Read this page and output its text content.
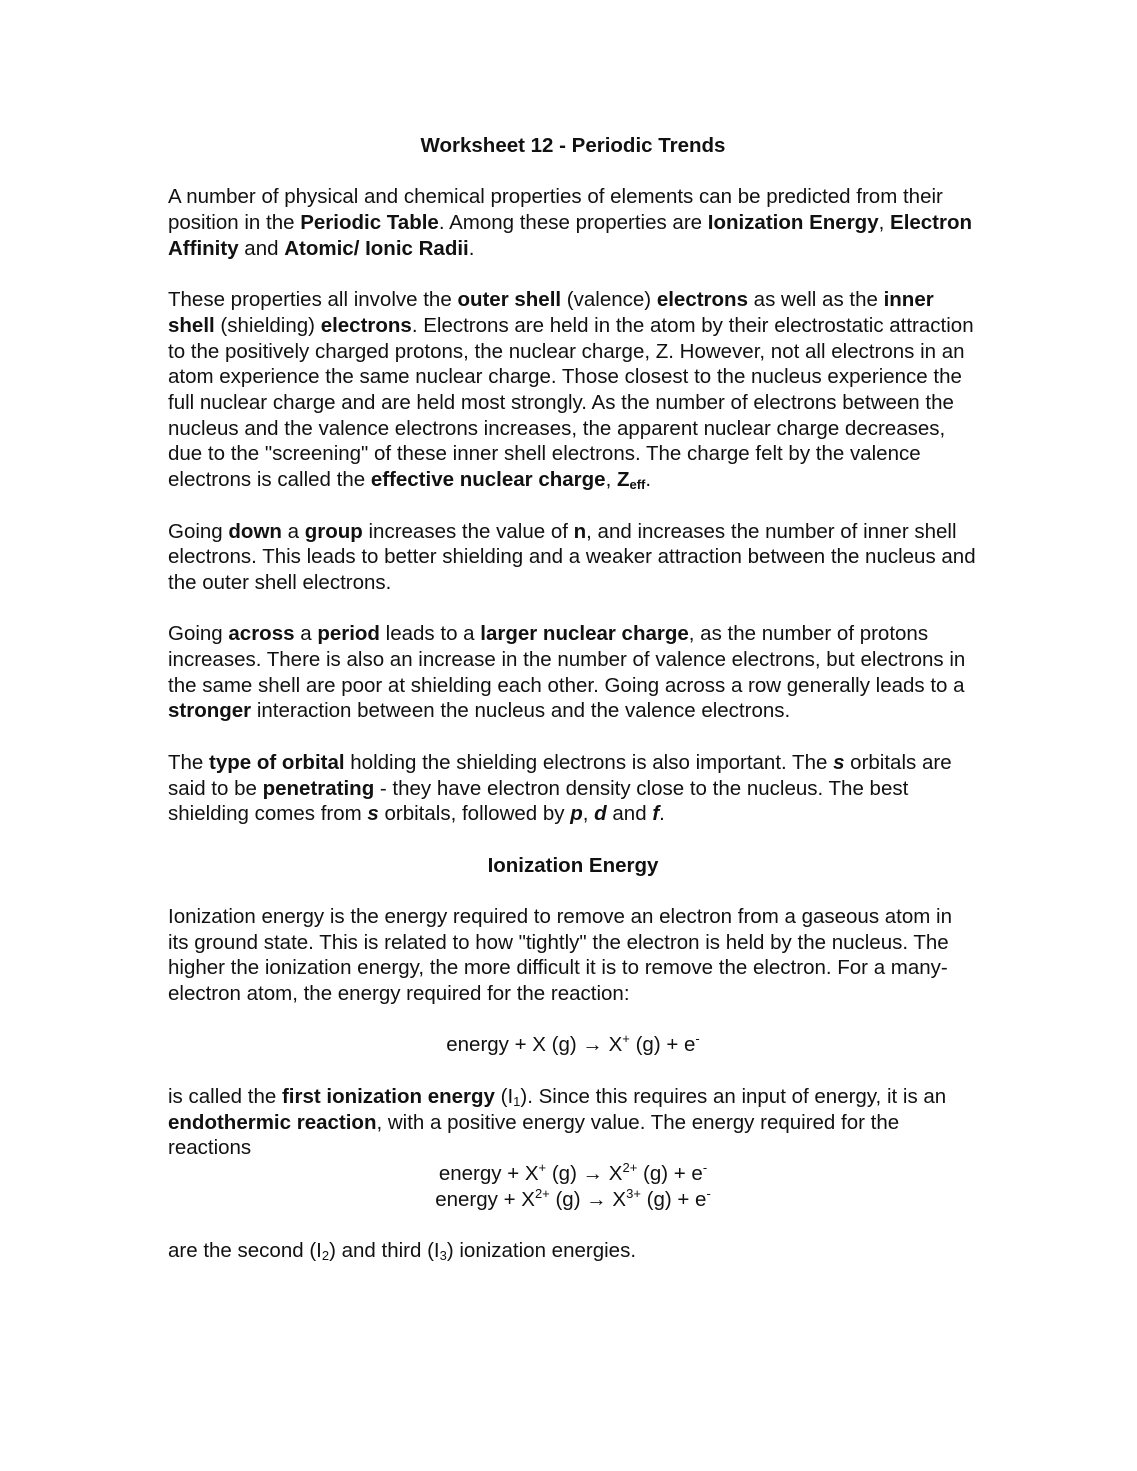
Worksheet 12 - Periodic Trends

A number of physical and chemical properties of elements can be predicted from their position in the Periodic Table. Among these properties are Ionization Energy, Electron Affinity and Atomic/ Ionic Radii.

These properties all involve the outer shell (valence) electrons as well as the inner shell (shielding) electrons. Electrons are held in the atom by their electrostatic attraction to the positively charged protons, the nuclear charge, Z. However, not all electrons in an atom experience the same nuclear charge. Those closest to the nucleus experience the full nuclear charge and are held most strongly. As the number of electrons between the nucleus and the valence electrons increases, the apparent nuclear charge decreases, due to the "screening" of these inner shell electrons. The charge felt by the valence electrons is called the effective nuclear charge, $Z_{eff}$.

Going down a group increases the value of n, and increases the number of inner shell electrons. This leads to better shielding and a weaker attraction between the nucleus and the outer shell electrons.

Going across a period leads to a larger nuclear charge, as the number of protons increases. There is also an increase in the number of valence electrons, but electrons in the same shell are poor at shielding each other. Going across a row generally leads to a stronger interaction between the nucleus and the valence electrons.

The type of orbital holding the shielding electrons is also important. The s orbitals are said to be penetrating - they have electron density close to the nucleus. The best shielding comes from s orbitals, followed by p, d and f.

Ionization Energy

Ionization energy is the energy required to remove an electron from a gaseous atom in its ground state. This is related to how "tightly" the electron is held by the nucleus. The higher the ionization energy, the more difficult it is to remove the electron. For a many-electron atom, the energy required for the reaction:

energy + X (g) → X+ (g) + e-

is called the first ionization energy $(I_1)$. Since this requires an input of energy, it is an endothermic reaction, with a positive energy value. The energy required for the reactions

energy + X+ $(g) \to X^{2+}$ (g) + e-

energy + $X^{2+}$ $(g) \to X^{3+}$ (g) + e-

are the second $(I_2)$ and third $(I_3)$ ionization energies.
